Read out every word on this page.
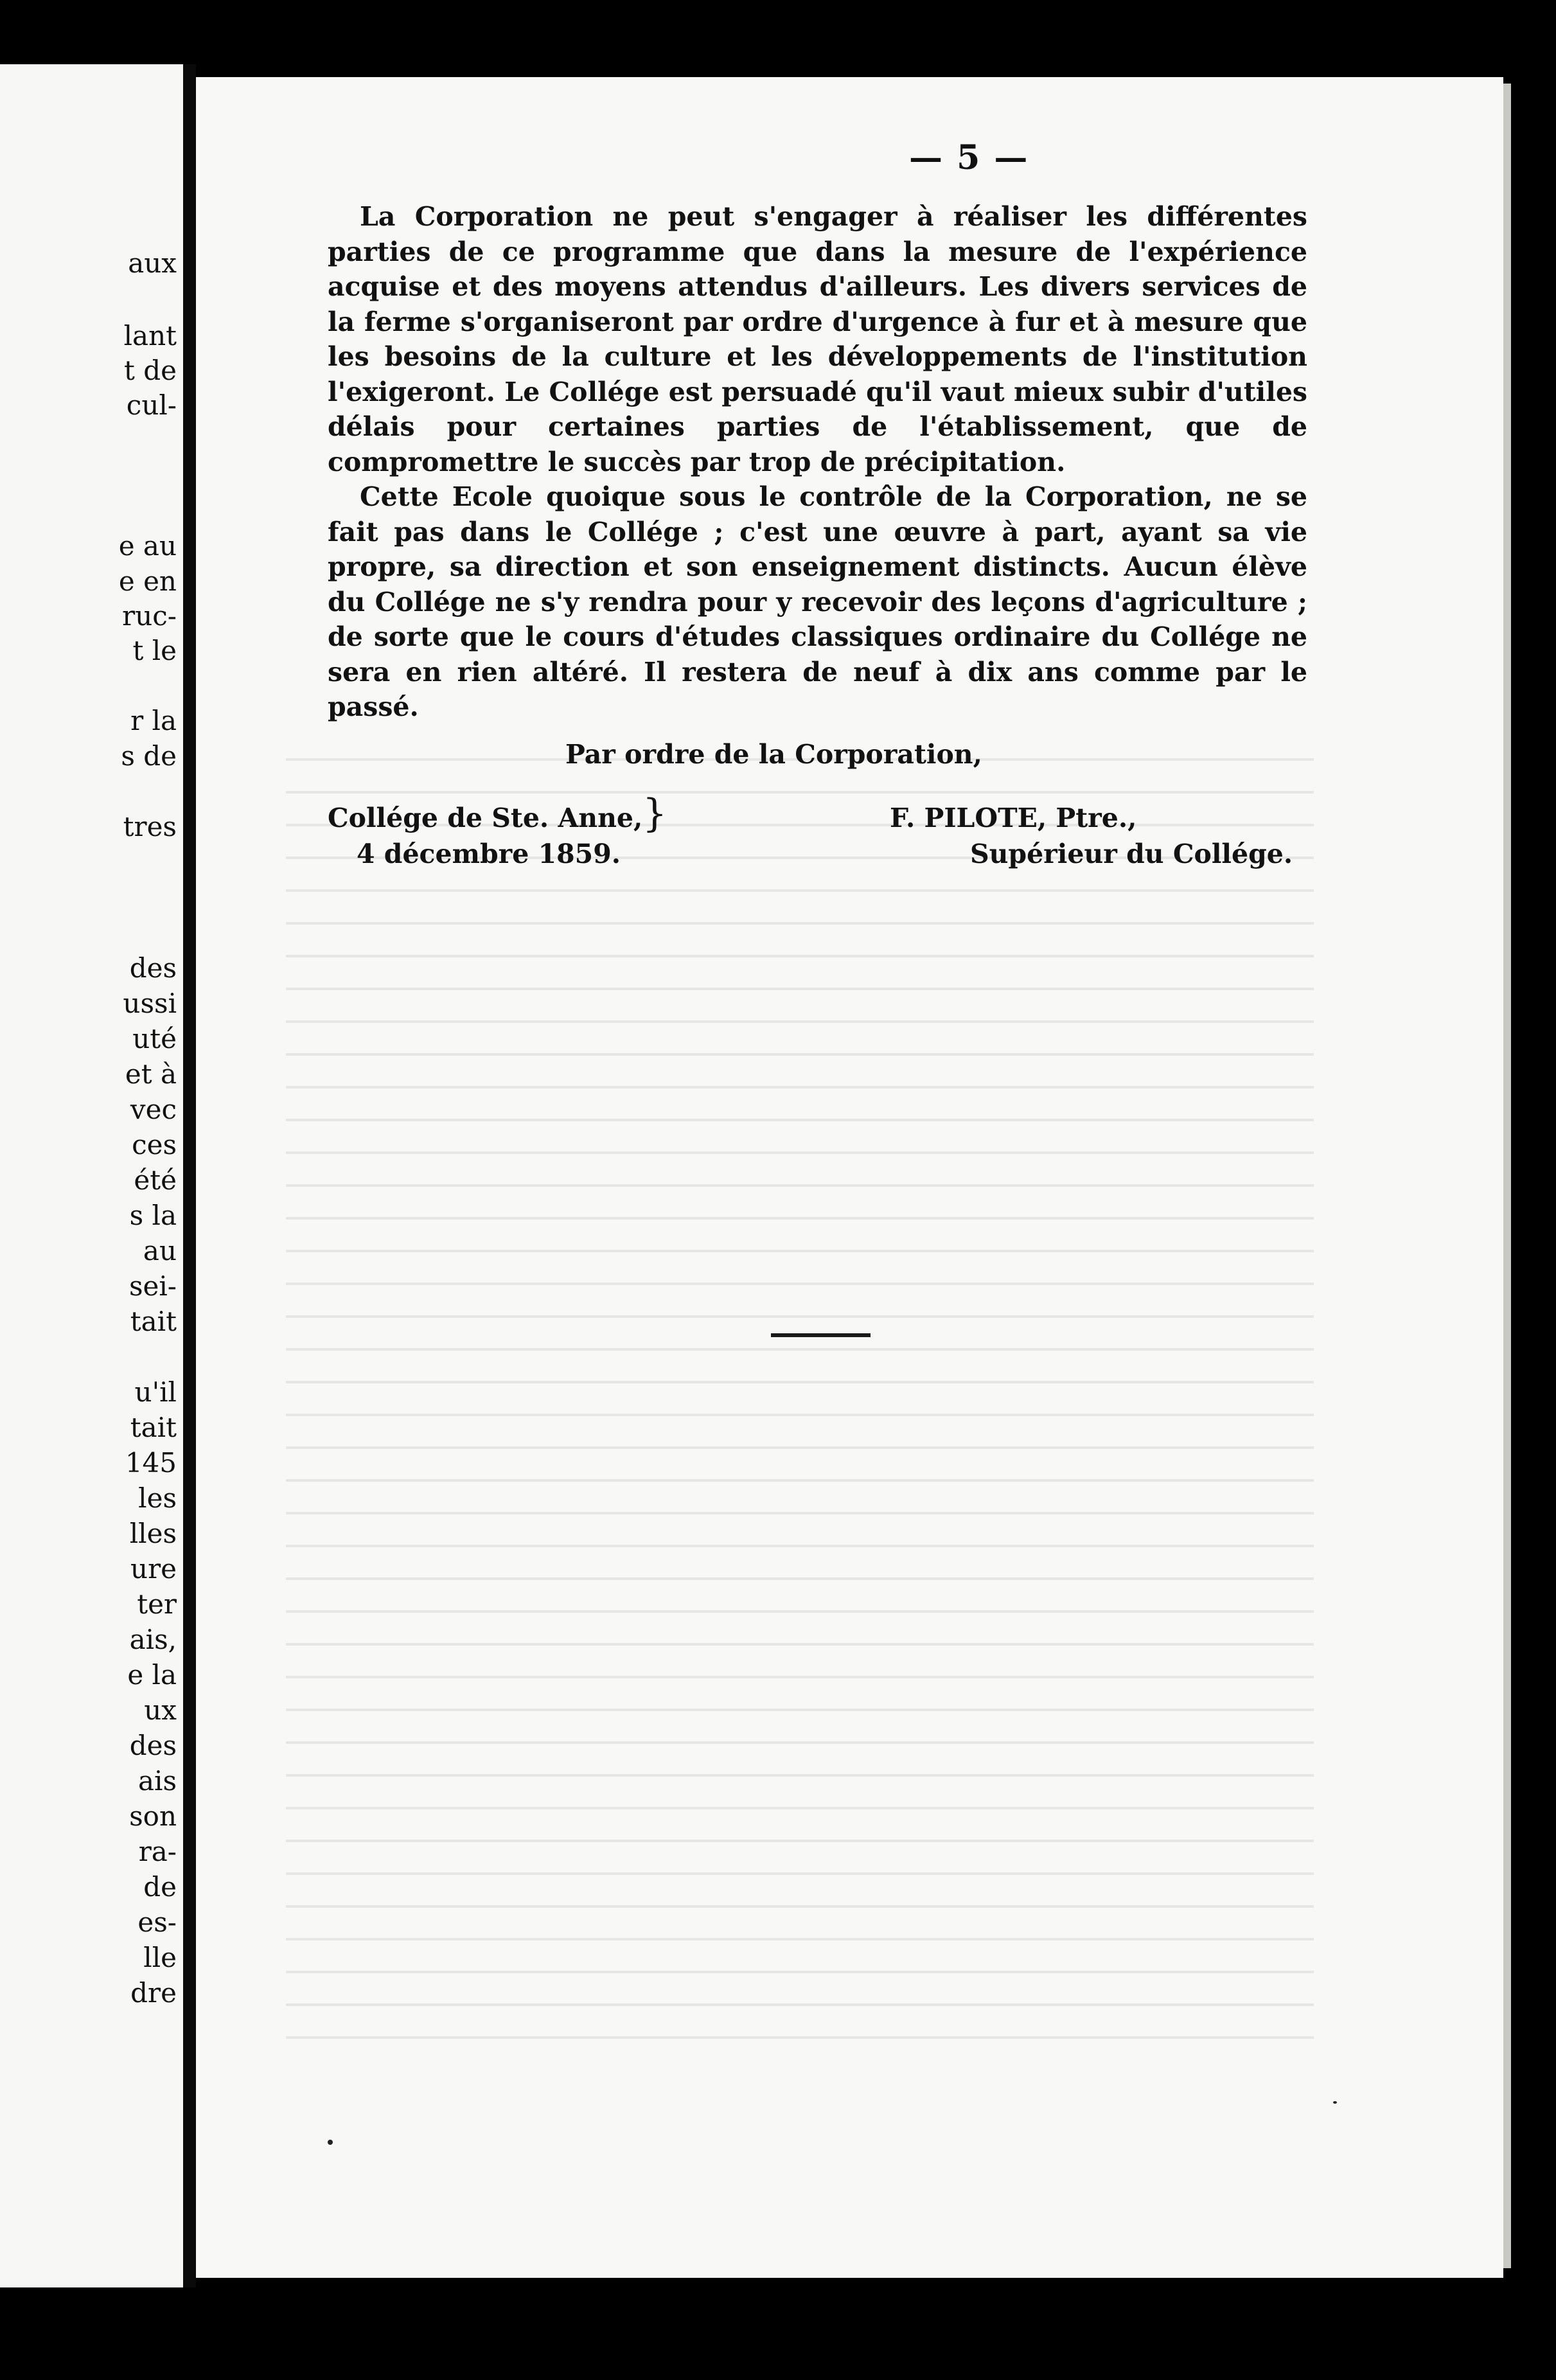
aux
lant
t de
cul-
e au
e en
ruc-
t le
r la
s de
tres
des
ussi
uté
et à
vec
ces
été
s la
au
sei-
tait
u'il
tait
145
les
lles
ure
ter
ais,
e la
ux
des
ais
son
ra-
de
es-
lle
dre
— 5 —

La Corporation ne peut s'engager à réaliser les différentes parties de ce programme que dans la mesure de l'expérience acquise et des moyens attendus d'ailleurs. Les divers services de la ferme s'organiseront par ordre d'urgence à fur et à mesure que les besoins de la culture et les développements de l'institution l'exigeront. Le Collége est persuadé qu'il vaut mieux subir d'utiles délais pour certaines parties de l'établissement, que de compromettre le succès par trop de précipitation.

Cette Ecole quoique sous le contrôle de la Corporation, ne se fait pas dans le Collége ; c'est une œuvre à part, ayant sa vie propre, sa direction et son enseignement distincts. Aucun élève du Collége ne s'y rendra pour y recevoir des leçons d'agriculture ; de sorte que le cours d'études classiques ordinaire du Collége ne sera en rien altéré. Il restera de neuf à dix ans comme par le passé.

Par ordre de la Corporation,
Collége de Ste. Anne,
4 décembre 1859.
}	F. PILOTE, Ptre.,
Supérieur du Collége.
